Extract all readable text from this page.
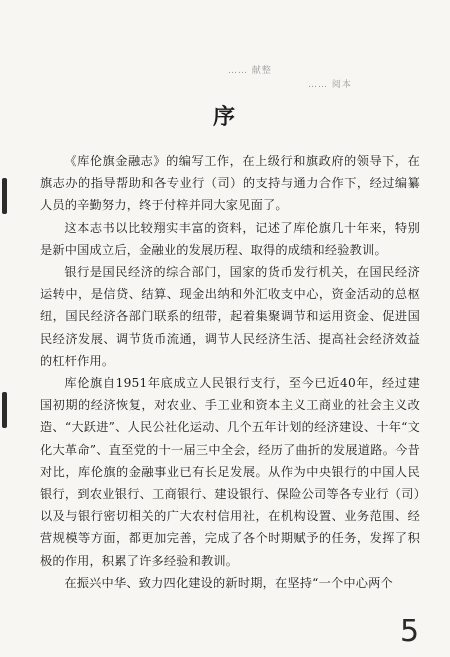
…… 献整
…… 阅本
序

《库伦旗金融志》的编写工作，在上级行和旗政府的领导下，在旗志办的指导帮助和各专业行（司）的支持与通力合作下，经过编纂人员的辛勤努力，终于付梓并同大家见面了。

这本志书以比较翔实丰富的资料，记述了库伦旗几十年来，特别是新中国成立后，金融业的发展历程、取得的成绩和经验教训。

银行是国民经济的综合部门，国家的货币发行机关，在国民经济运转中，是信贷、结算、现金出纳和外汇收支中心，资金活动的总枢纽，国民经济各部门联系的纽带，起着集聚调节和运用资金、促进国民经济发展、调节货币流通，调节人民经济生活、提高社会经济效益的杠杆作用。

库伦旗自1951年底成立人民银行支行，至今已近40年，经过建国初期的经济恢复，对农业、手工业和资本主义工商业的社会主义改造、“大跃进”、人民公社化运动、几个五年计划的经济建设、十年“文化大革命”、直至党的十一届三中全会，经历了曲折的发展道路。今昔对比，库伦旗的金融事业已有长足发展。从作为中央银行的中国人民银行，到农业银行、工商银行、建设银行、保险公司等各专业行（司）以及与银行密切相关的广大农村信用社，在机构设置、业务范围、经营规模等方面，都更加完善，完成了各个时期赋予的任务，发挥了积极的作用，积累了许多经验和教训。

在振兴中华、致力四化建设的新时期，在坚持“一个中心两个

5
